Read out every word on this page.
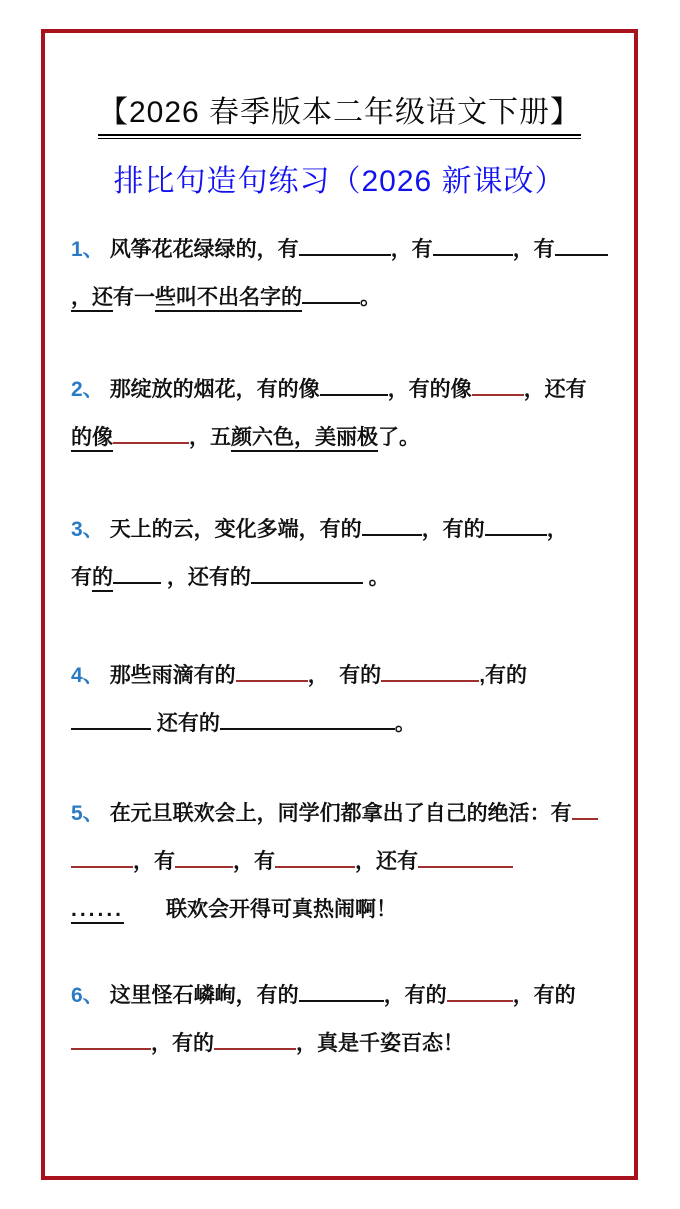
【2026 春季版本二年级语文下册】
排比句造句练习（2026 新课改）
1、 风筝花花绿绿的，有	，有	，有
，还有一些叫不出名字的	。
2、 那绽放的烟花，有的像	，有的像 ，还有
的像	，五颜六色，美丽极了。
3、 天上的云，变化多端，有的	，有的	，
有的 ，还有的	。
4、 那些雨滴有的	，　有的	,有的
还有的	。
5、 在元旦联欢会上，同学们都拿出了自己的绝活：有
，有	，有	，还有
......　　联欢会开得可真热闹啊！
6、 这里怪石嶙峋，有的	，有的	，有的
，有的	，真是千姿百态！
